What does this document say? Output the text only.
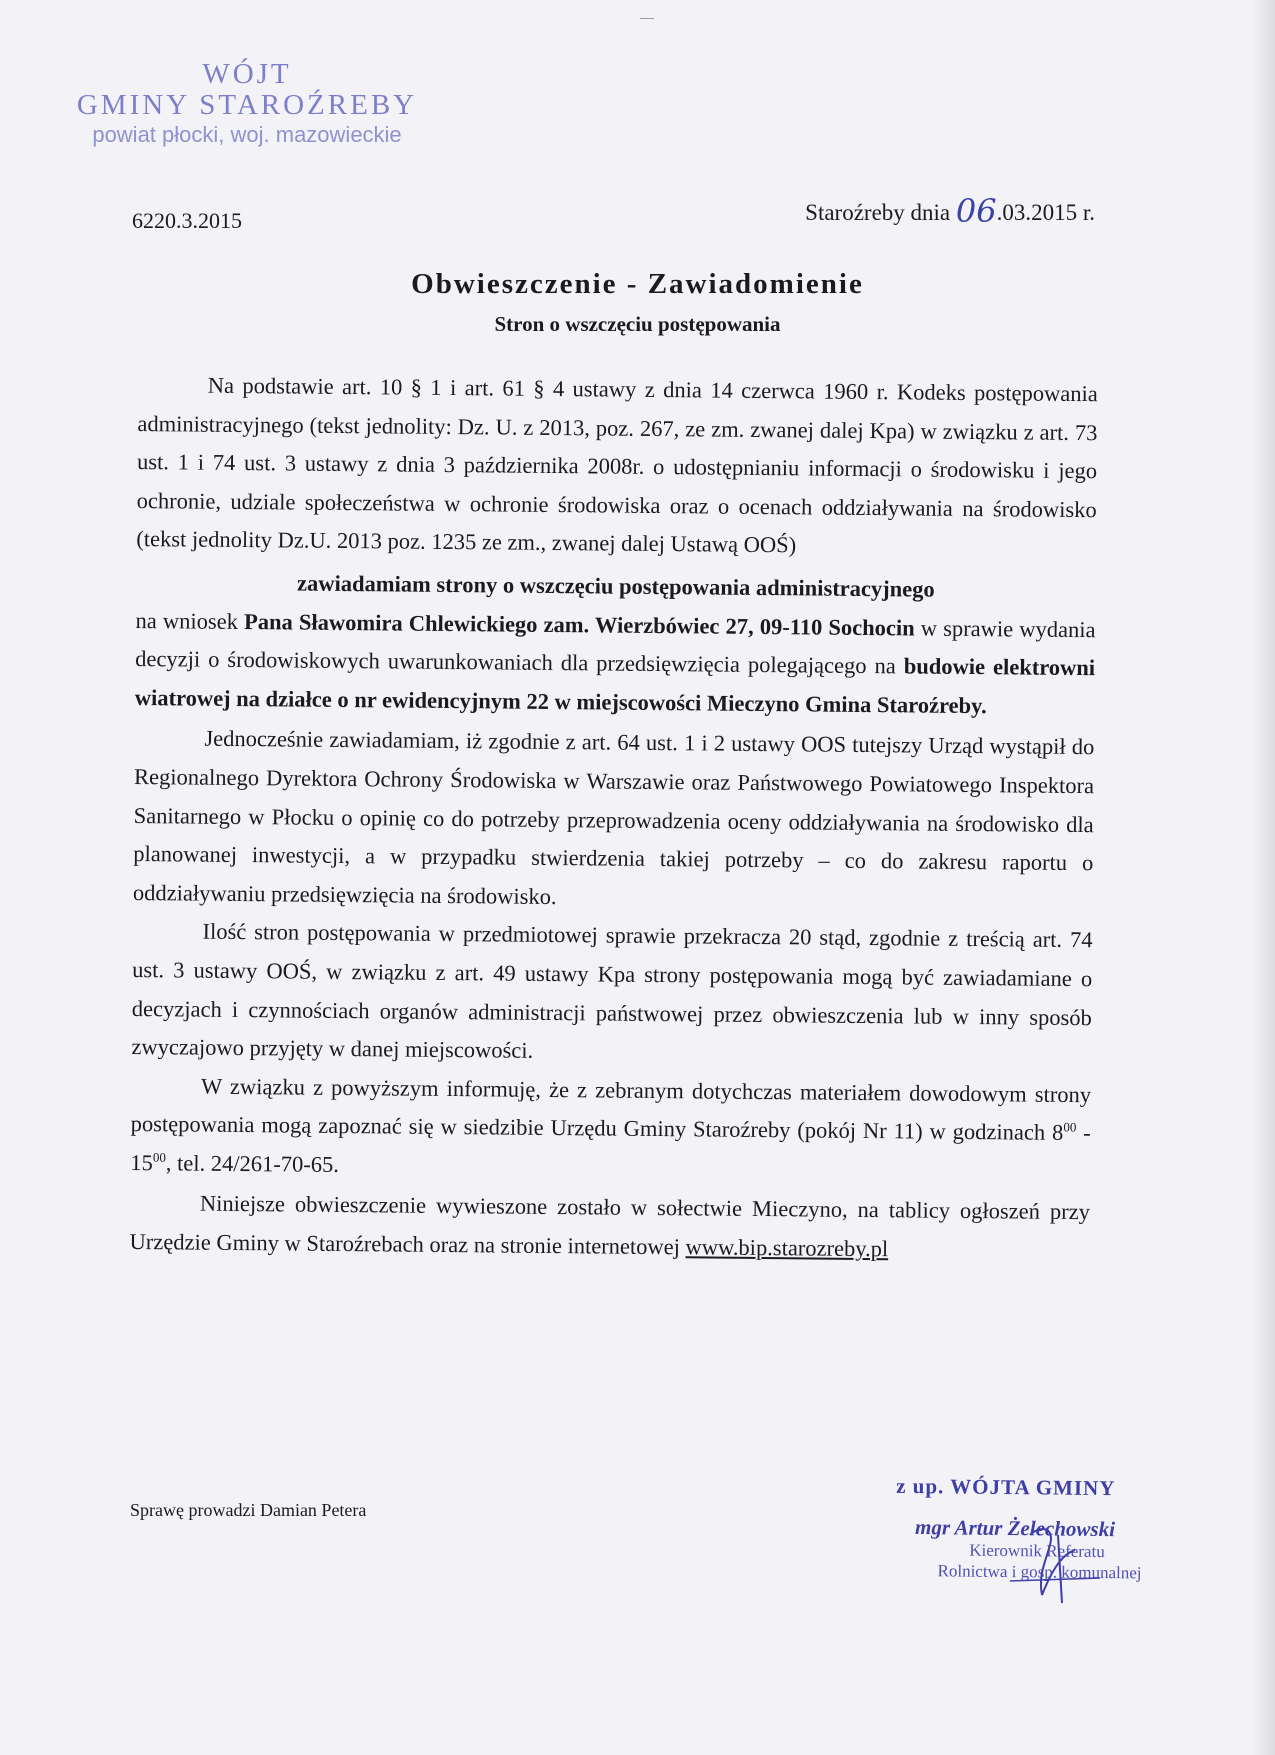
WÓJT
GMINY STAROŹREBY
powiat płocki, woj. mazowieckie
6220.3.2015	Staroźreby dnia 06.03.2015 r.
Obwieszczenie - Zawiadomienie
Stron o wszczęciu postępowania

Na podstawie art. 10 § 1 i art. 61 § 4 ustawy z dnia 14 czerwca 1960 r. Kodeks postępowania administracyjnego (tekst jednolity: Dz. U. z 2013, poz. 267, ze zm. zwanej dalej Kpa) w związku z art. 73 ust. 1 i 74 ust. 3 ustawy z dnia 3 października 2008r. o udostępnianiu informacji o środowisku i jego ochronie, udziale społeczeństwa w ochronie środowiska oraz o ocenach oddziaływania na środowisko (tekst jednolity Dz.U. 2013 poz. 1235 ze zm., zwanej dalej Ustawą OOŚ)

zawiadamiam strony o wszczęciu postępowania administracyjnego

na wniosek Pana Sławomira Chlewickiego zam. Wierzbówiec 27, 09-110 Sochocin w sprawie wydania decyzji o środowiskowych uwarunkowaniach dla przedsięwzięcia polegającego na budowie elektrowni wiatrowej na działce o nr ewidencyjnym 22 w miejscowości Mieczyno Gmina Staroźreby.

Jednocześnie zawiadamiam, iż zgodnie z art. 64 ust. 1 i 2 ustawy OOS tutejszy Urząd wystąpił do Regionalnego Dyrektora Ochrony Środowiska w Warszawie oraz Państwowego Powiatowego Inspektora Sanitarnego w Płocku o opinię co do potrzeby przeprowadzenia oceny oddziaływania na środowisko dla planowanej inwestycji, a w przypadku stwierdzenia takiej potrzeby – co do zakresu raportu o oddziaływaniu przedsięwzięcia na środowisko.

Ilość stron postępowania w przedmiotowej sprawie przekracza 20 stąd, zgodnie z treścią art. 74 ust. 3 ustawy OOŚ, w związku z art. 49 ustawy Kpa strony postępowania mogą być zawiadamiane o decyzjach i czynnościach organów administracji państwowej przez obwieszczenia lub w inny sposób zwyczajowo przyjęty w danej miejscowości.

W związku z powyższym informuję, że z zebranym dotychczas materiałem dowodowym strony postępowania mogą zapoznać się w siedzibie Urzędu Gminy Staroźreby (pokój Nr 11) w godzinach $8^{00} - 15^{00}$, tel. 24/261-70-65.

Niniejsze obwieszczenie wywieszone zostało w sołectwie Mieczyno, na tablicy ogłoszeń przy Urzędzie Gminy w Staroźrebach oraz na stronie internetowej www.bip.starozreby.pl

Sprawę prowadzi Damian Petera
z up. WÓJTA GMINY
mgr Artur Żelechowski
Kierownik Referatu
Rolnictwa i gosp. komunalnej
